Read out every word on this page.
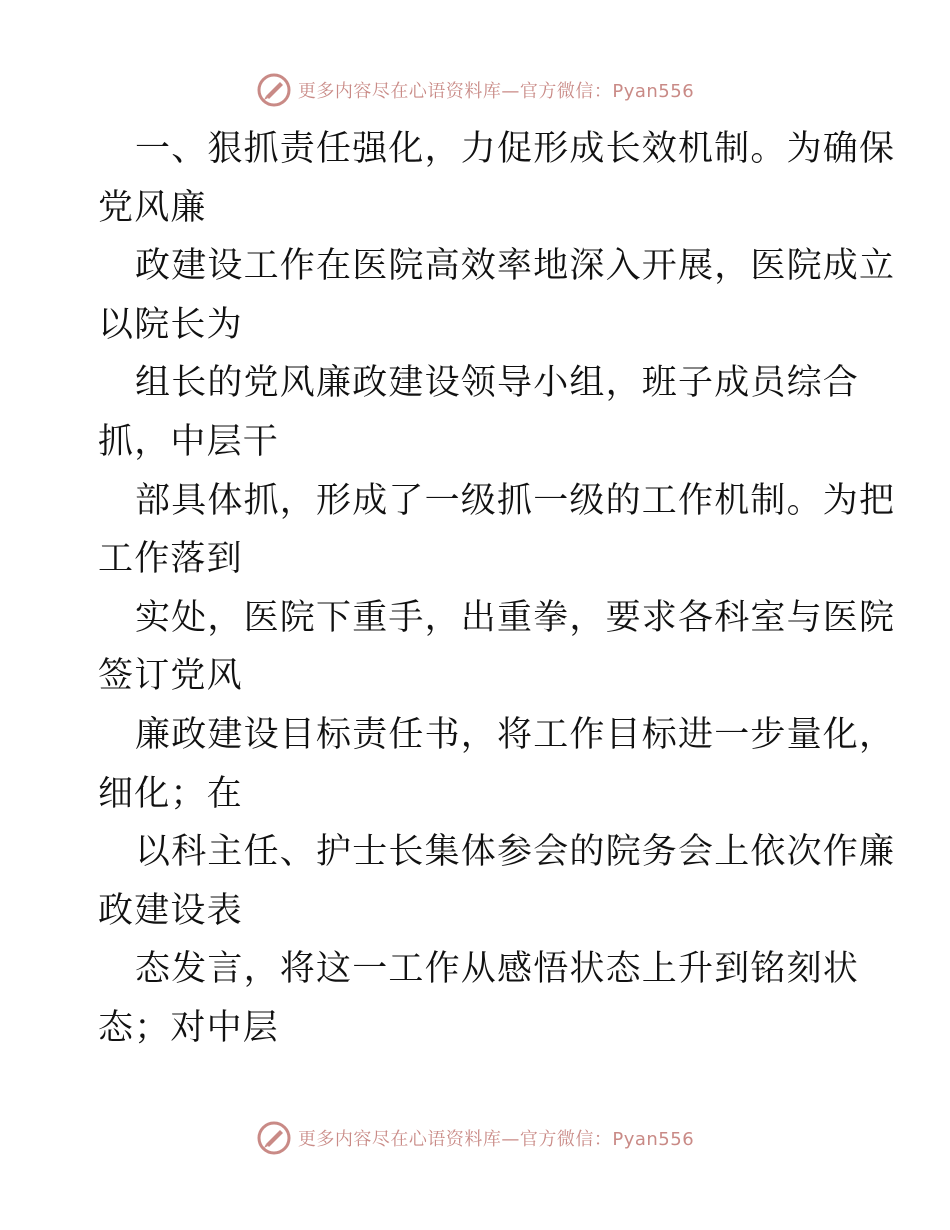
更多内容尽在心语资料库—官方微信：Pyan556
一、狠抓责任强化，力促形成长效机制。为确保
党风廉
政建设工作在医院高效率地深入开展，医院成立
以院长为
组长的党风廉政建设领导小组，班子成员综合
抓，中层干
部具体抓，形成了一级抓一级的工作机制。为把
工作落到
实处，医院下重手，出重拳，要求各科室与医院
签订党风
廉政建设目标责任书，将工作目标进一步量化，
细化；在
以科主任、护士长集体参会的院务会上依次作廉
政建设表
态发言，将这一工作从感悟状态上升到铭刻状
态；对中层
更多内容尽在心语资料库—官方微信：Pyan556
